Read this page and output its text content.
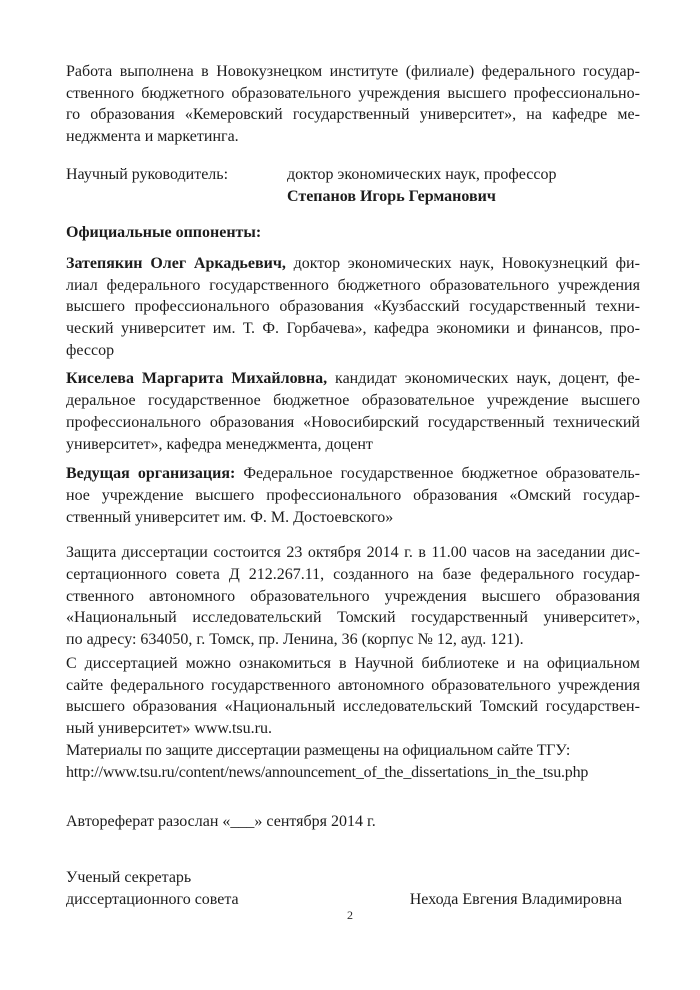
Работа выполнена в Новокузнецком институте (филиале) федерального государ-
ственного бюджетного образовательного учреждения высшего профессионально-
го образования «Кемеровский государственный университет», на кафедре ме-
неджмента и маркетинга.
Научный руководитель:	доктор экономических наук, профессор
Степанов Игорь Германович
Официальные оппоненты:
Затепякин Олег Аркадьевич, доктор экономических наук, Новокузнецкий фи-
лиал федерального государственного бюджетного образовательного учреждения
высшего профессионального образования «Кузбасский государственный техни-
ческий университет им. Т. Ф. Горбачева», кафедра экономики и финансов, про-
фессор
Киселева Маргарита Михайловна, кандидат экономических наук, доцент, фе-
деральное государственное бюджетное образовательное учреждение высшего
профессионального образования «Новосибирский государственный технический
университет», кафедра менеджмента, доцент
Ведущая организация: Федеральное государственное бюджетное образователь-
ное учреждение высшего профессионального образования «Омский государ-
ственный университет им. Ф. М. Достоевского»
Защита диссертации состоится 23 октября 2014 г. в 11.00 часов на заседании дис-
сертационного совета Д 212.267.11, созданного на базе федерального государ-
ственного автономного образовательного учреждения высшего образования
«Национальный исследовательский Томский государственный университет»,
по адресу: 634050, г. Томск, пр. Ленина, 36 (корпус № 12, ауд. 121).
С диссертацией можно ознакомиться в Научной библиотеке и на официальном
сайте федерального государственного автономного образовательного учреждения
высшего образования «Национальный исследовательский Томский государствен-
ный университет» www.tsu.ru.
Материалы по защите диссертации размещены на официальном сайте ТГУ:
http://www.tsu.ru/content/news/announcement_of_the_dissertations_in_the_tsu.php
Автореферат разослан «___» сентября 2014 г.
Ученый секретарь
диссертационного совета	Нехода Евгения Владимировна
2
